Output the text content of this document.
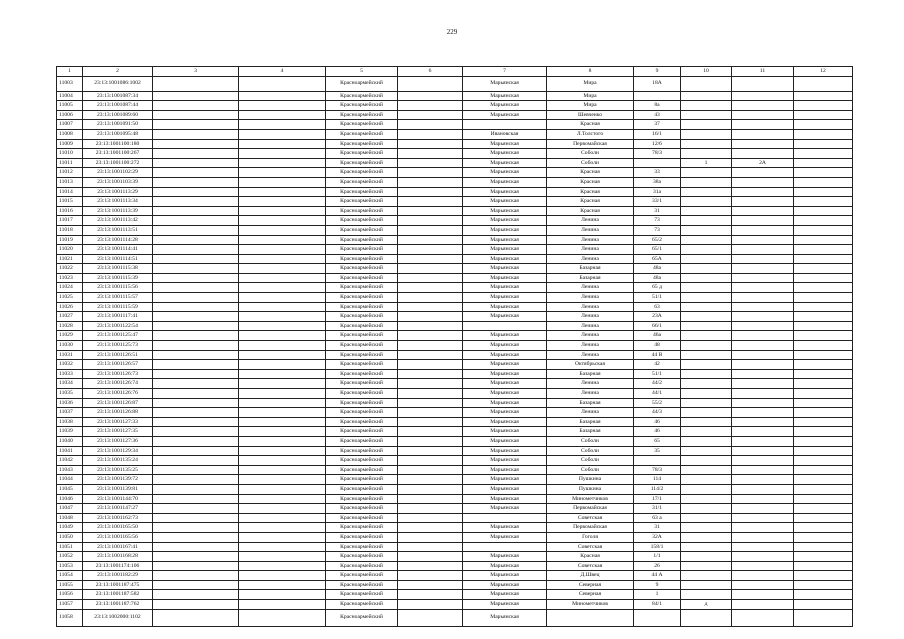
229
1	2	3	4	5	6	7	8	9	10	11	12
11003	23:13:1001086:1002			Красноармейский		Марьянская	Мира	18А			
11004	23:13:1001087:34			Красноармейский		Марьянская	Мира				
11005	23:13:1001087:44			Красноармейский		Марьянская	Мира	8а			
11006	23:13:1001089:60			Красноармейский		Марьянская	Шевченко	43			
11007	23:13:1001091:50			Красноармейский			Красная	37			
11008	23:13:1001095:48			Красноармейский		Ивановская	Л.Толстого	16/1			
11009	23:13:1001100:180			Красноармейский		Марьянская	Первомайская	12/6			
11010	23:13:1001100:267			Красноармейский		Марьянская	Соболи	78/3			
11011	23:13:1001100:272			Красноармейский		Марьянская	Соболи		1	2А	
11012	23:13:1001102:29			Красноармейский		Марьянская	Красная	33			
11013	23:13:1001103:39			Красноармейский		Марьянская	Красная	38а			
11014	23:13:1001113:29			Красноармейский		Марьянская	Красная	31а			
11015	23:13:1001113:34			Красноармейский		Марьянская	Красная	33/1			
11016	23:13:1001113:39			Красноармейский		Марьянская	Красная	31			
11017	23:13:1001113:42			Красноармейский		Марьянская	Ленина	73			
11018	23:13:1001113:51			Красноармейский		Марьянская	Ленина	73			
11019	23:13:1001114:28			Красноармейский		Марьянская	Ленина	65/2			
11020	23:13:1001114:41			Красноармейский		Марьянская	Ленина	65/1			
11021	23:13:1001114:51			Красноармейский		Марьянская	Ленина	65А			
11022	23:13:1001115:38			Красноармейский		Марьянская	Базарная	48а			
11023	23:13:1001115:39			Красноармейский		Марьянская	Базарная	48а			
11024	23:13:1001115:56			Красноармейский		Марьянская	Ленина	65 д			
11025	23:13:1001115:57			Красноармейский		Марьянская	Ленина	51/1			
11026	23:13:1001115:59			Красноармейский		Марьянская	Ленина	63			
11027	23:13:1001117:41			Красноармейский		Марьянская	Ленина	23А			
11028	23:13:1001122:54			Красноармейский			Ленина	66/1			
11029	23:13:1001125:47			Красноармейский		Марьянская	Ленина	46а			
11030	23:13:1001125:73			Красноармейский		Марьянская	Ленина	48			
11031	23:13:1001126:51			Красноармейский		Марьянская	Ленина	44 В			
11032	23:13:1001126:57			Красноармейский		Марьянская	Октябрьская	42			
11033	23:13:1001126:73			Красноармейский		Марьянская	Базарная	51/1			
11034	23:13:1001126:74			Красноармейский		Марьянская	Ленина	44/2			
11035	23:13:1001126:76			Красноармейский		Марьянская	Ленина	44/1			
11036	23:13:1001126:87			Красноармейский		Марьянская	Базарная	55/2			
11037	23:13:1001126:88			Красноармейский		Марьянская	Ленина	44/3			
11038	23:13:1001127:33			Красноармейский		Марьянская	Базарная	46			
11039	23:13:1001127:35			Красноармейский		Марьянская	Базарная	46			
11040	23:13:1001127:36			Красноармейский		Марьянская	Соболи	65			
11041	23:13:1001129:34			Красноармейский		Марьянская	Соболи	35			
11042	23:13:1001135:24			Красноармейский		Марьянская	Соболи				
11043	23:13:1001135:25			Красноармейский		Марьянская	Соболи	78/3			
11044	23:13:1001139:72			Красноармейский		Марьянская	Пушкина	114			
11045	23:13:1001139:81			Красноармейский		Марьянская	Пушкина	114/2			
11046	23:13:1001144:70			Красноармейский		Марьянская	Минометчиков	17/1			
11047	23:13:1001147:27			Красноармейский		Марьянская	Первомайская	31/1			
11048	23:13:1001162:73			Красноармейский			Советская	63 а			
11049	23:13:1001165:50			Красноармейский		Марьянская	Первомайская	31			
11050	23:13:1001165:56			Красноармейский		Марьянская	Гоголя	32А			
11051	23:13:1001167:41			Красноармейский			Советская	158/1			
11052	23:13:1001168:28			Красноармейский		Марьянская	Красная	1/1			
11053	23:13:1001174:106			Красноармейский		Марьянская	Советская	26			
11054	23:13:1001182:29			Красноармейский		Марьянская	Д.Швец	44 А			
11055	23:13:1001187:475			Красноармейский		Марьянская	Северная	9			
11056	23:13:1001187:582			Красноармейский		Марьянская	Северная	1			
11057	23:13:1001187:762			Красноармейский		Марьянская	Минометчиков	84/1	д		
11058	23:13:1002000:1102			Красноармейский		Марьянская					
